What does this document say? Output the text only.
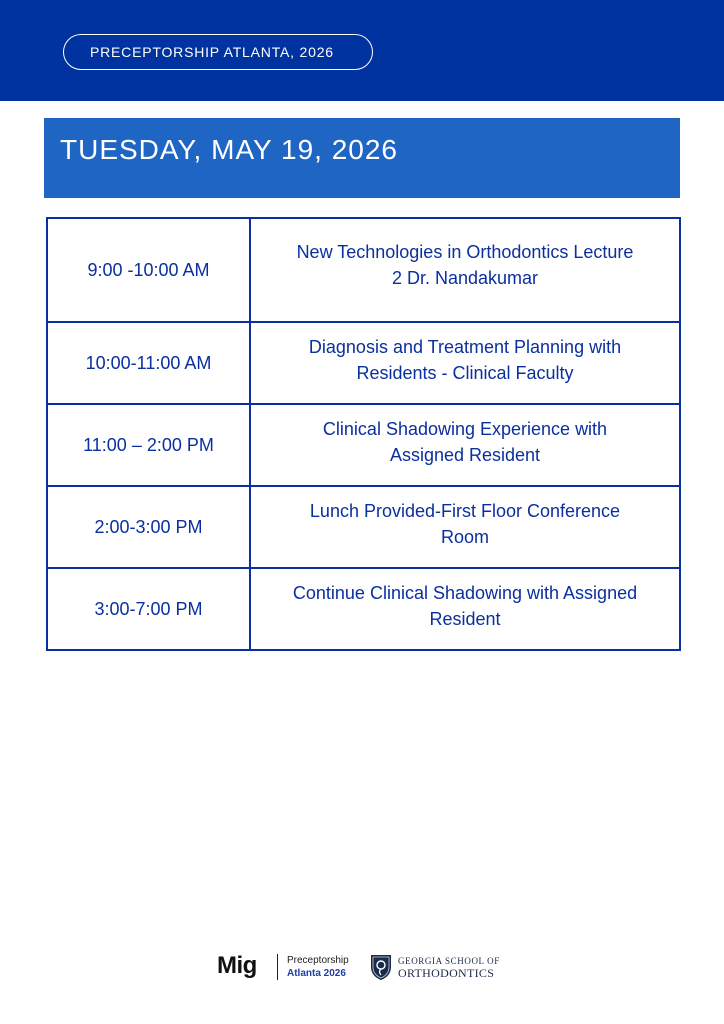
PRECEPTORSHIP ATLANTA, 2026
TUESDAY, MAY 19, 2026
9:00 -10:00 AM	New Technologies in Orthodontics Lecture
2 Dr. Nandakumar

10:00-11:00 AM	Diagnosis and Treatment Planning with
Residents - Clinical Faculty

11:00 – 2:00 PM	Clinical Shadowing Experience with
Assigned Resident

2:00-3:00 PM	Lunch Provided-First Floor Conference
Room

3:00-7:00 PM	Continue Clinical Shadowing with Assigned
Resident
Mig	Preceptorship
Atlanta 2026
GEORGIA SCHOOL OF
ORTHODONTICS
